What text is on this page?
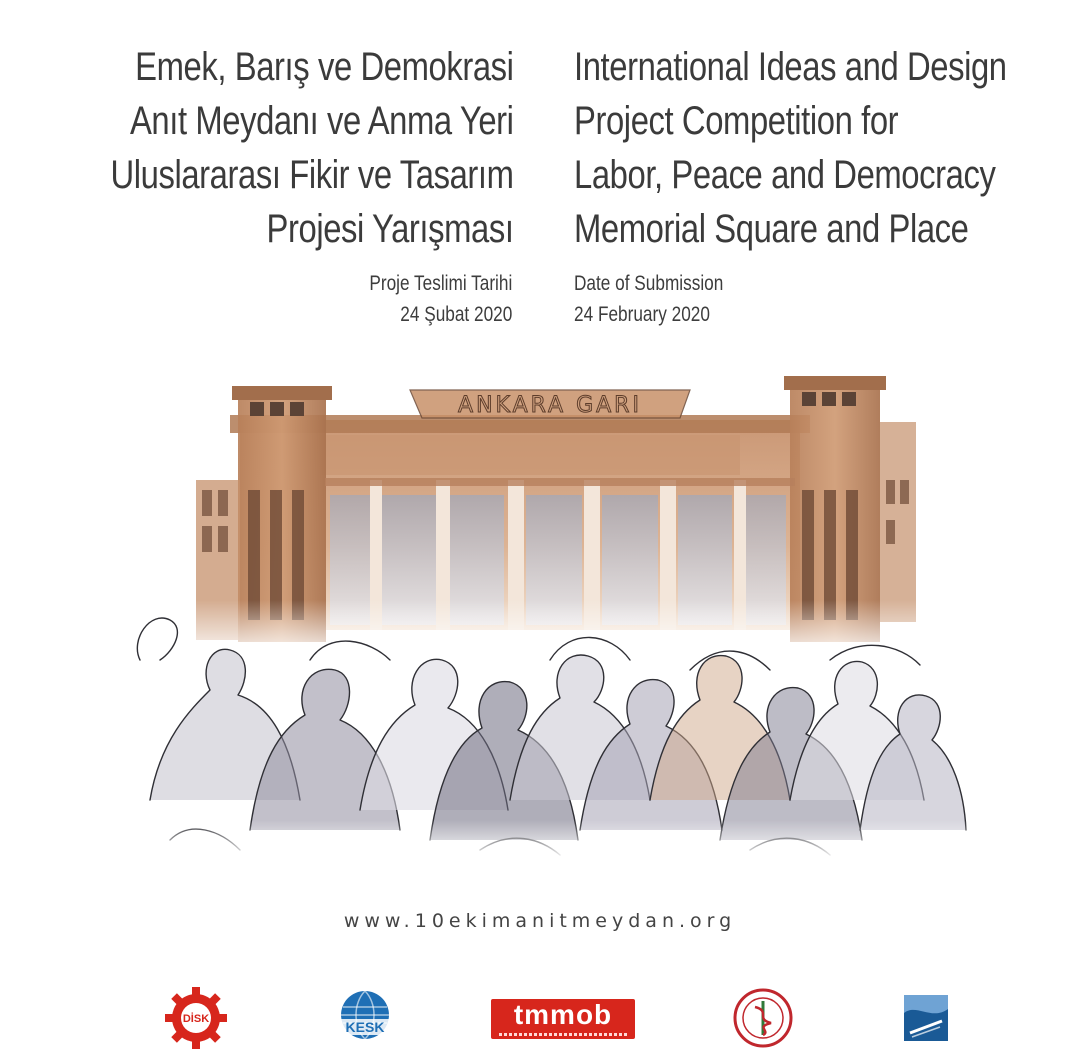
Emek, Barış ve Demokrasi
Anıt Meydanı ve Anma Yeri
Uluslararası Fikir ve Tasarım
Projesi Yarışması
International Ideas and Design
Project Competition for
Labor, Peace and Democracy
Memorial Square and Place
Proje Teslimi Tarihi
24 Şubat 2020
Date of Submission
24 February 2020
ANKARA GARI
www.10ekimanitmeydan.org
DİSK	KESK	tmmob
